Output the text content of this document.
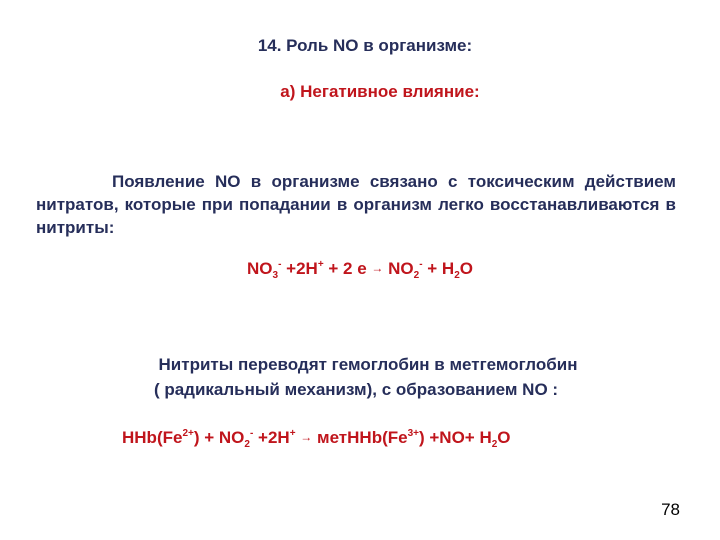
14. Роль NO в организме:
а) Негативное влияние:
Появление NO в организме связано с токсическим действием нитратов, которые при попадании в организм легко восстанавливаются в нитриты:
$NO_3^- +2H^+ + 2$ $e \to NO_2^- + H_2O$
Нитриты переводят гемоглобин в метгемоглобин
( радикальный механизм), с образованием NO :
$HHb(Fe^{2+}) + NO_2^- +2H^+$ → $метHHb(Fe^{3+}) +NO+ H_2O$
78
